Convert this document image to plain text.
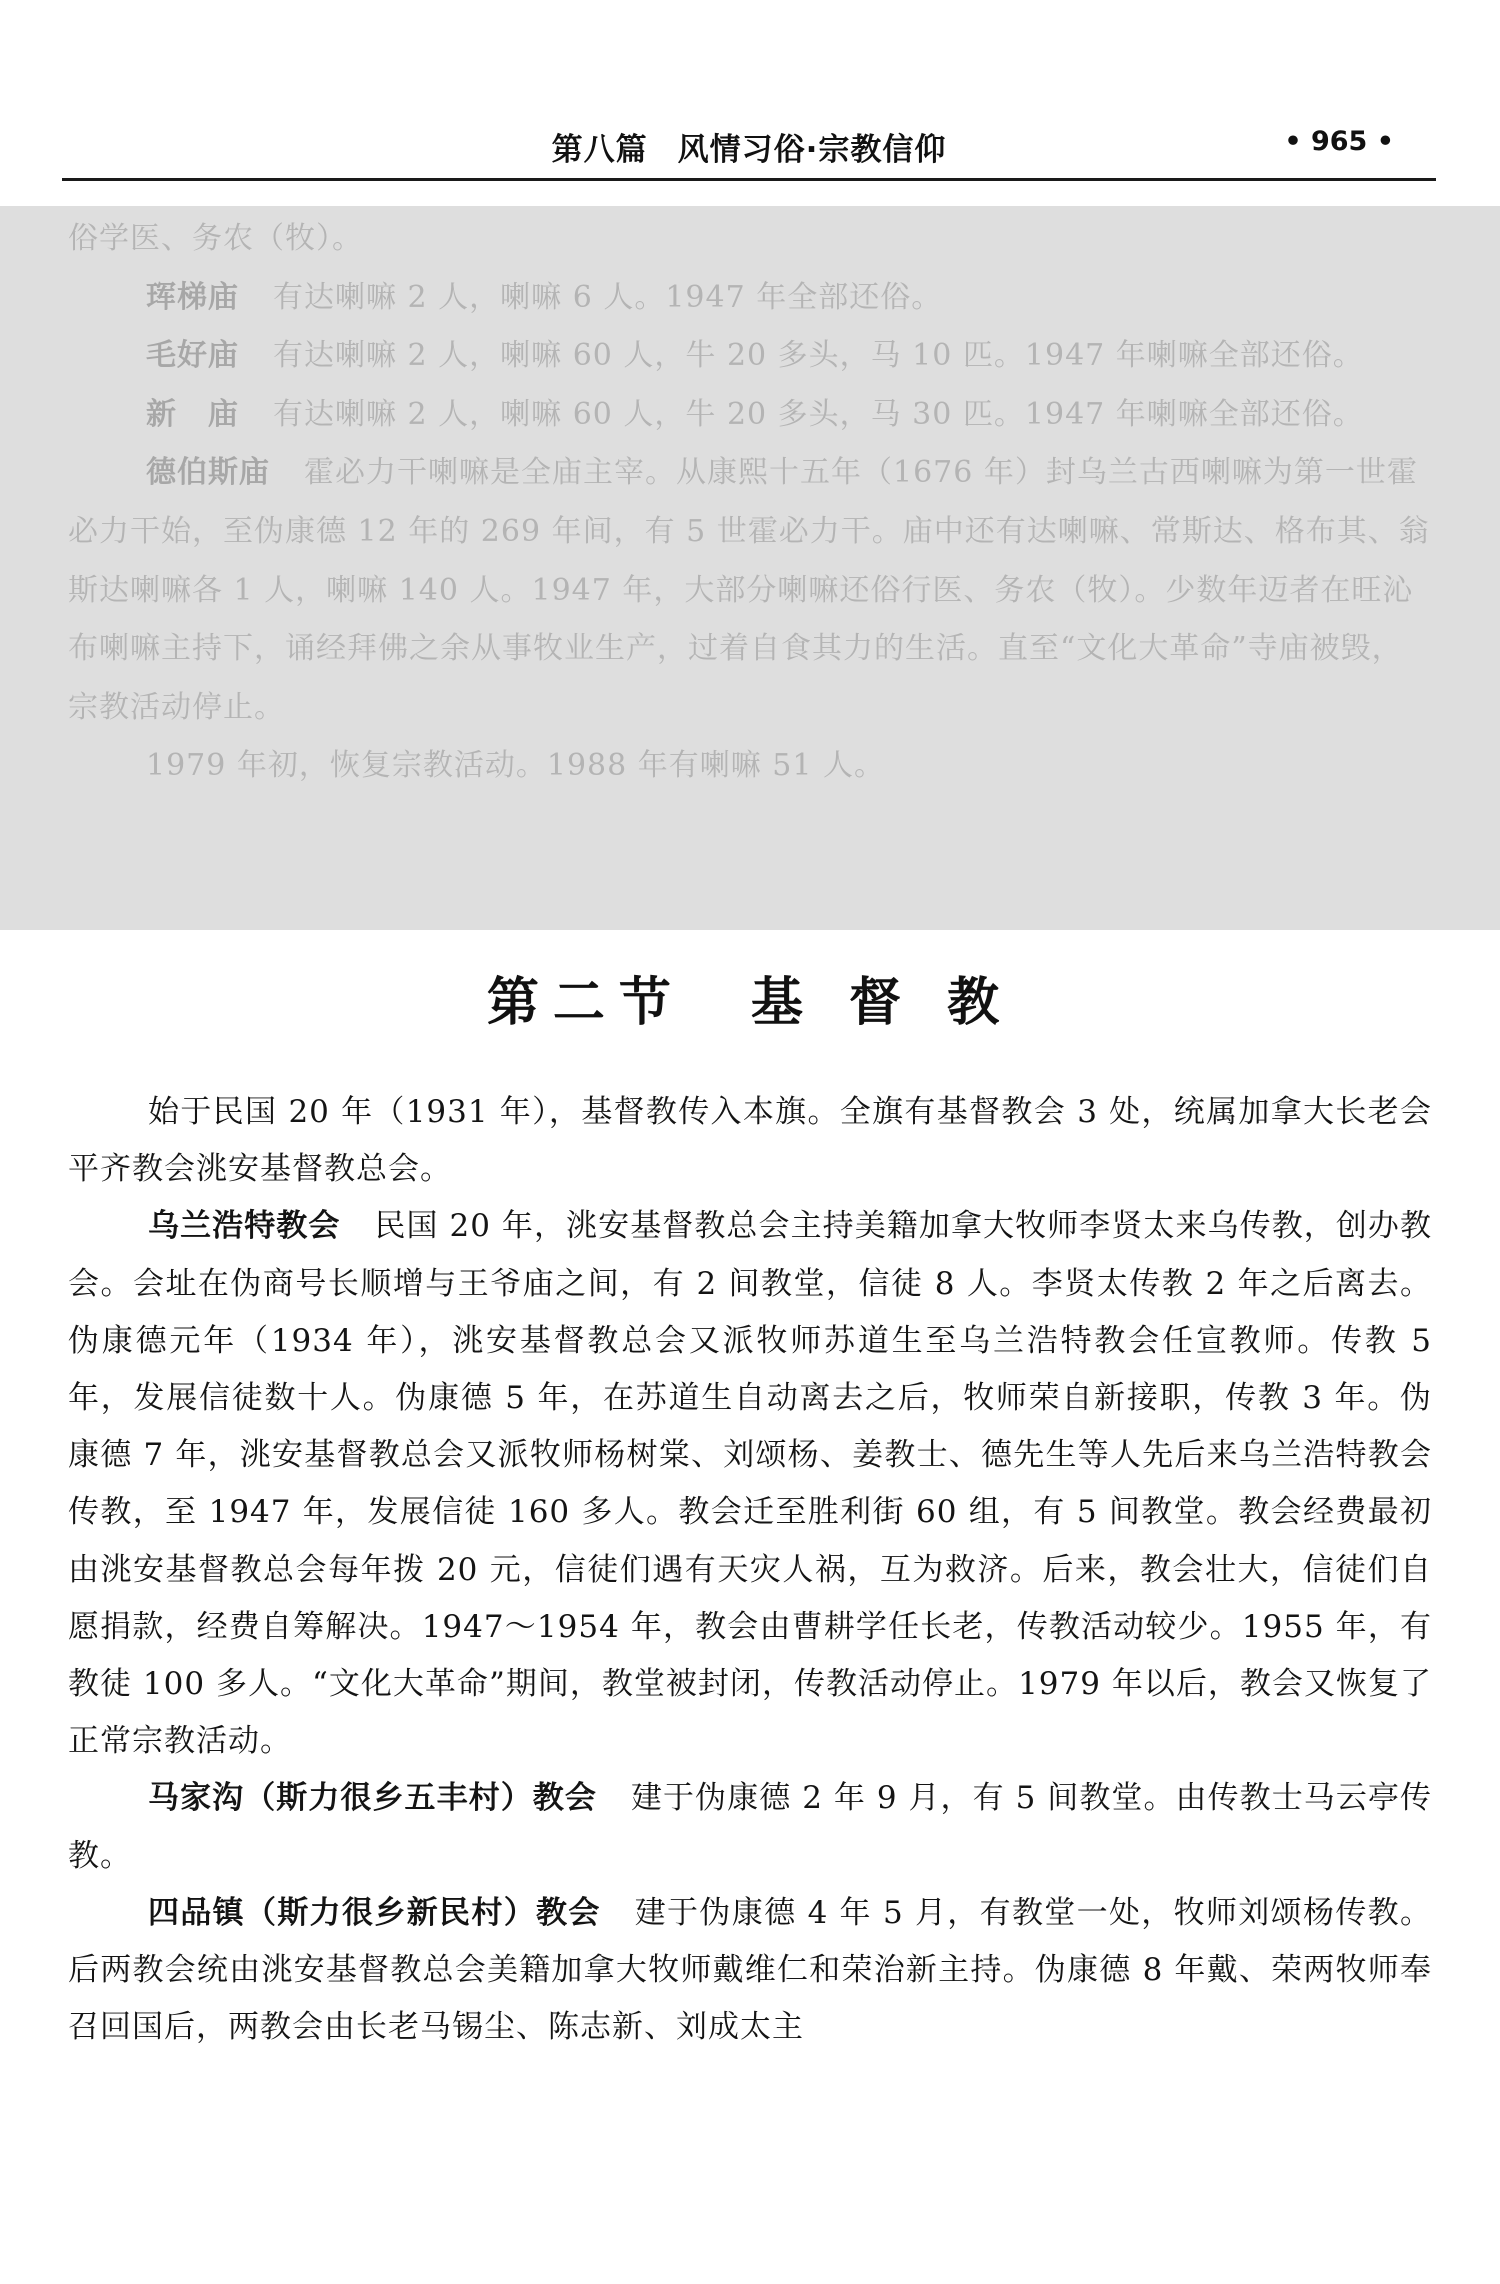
第八篇 风情习俗·宗教信仰	• 965 •

俗学医、务农（牧）。

珲梯庙 有达喇嘛 2 人，喇嘛 6 人。1947 年全部还俗。

毛好庙 有达喇嘛 2 人，喇嘛 60 人，牛 20 多头，马 10 匹。1947 年喇嘛全部还俗。

新　庙 有达喇嘛 2 人，喇嘛 60 人，牛 20 多头，马 30 匹。1947 年喇嘛全部还俗。

德伯斯庙 霍必力干喇嘛是全庙主宰。从康熙十五年（1676 年）封乌兰古西喇嘛为第一世霍必力干始，至伪康德 12 年的 269 年间，有 5 世霍必力干。庙中还有达喇嘛、常斯达、格布其、翁斯达喇嘛各 1 人，喇嘛 140 人。1947 年，大部分喇嘛还俗行医、务农（牧）。少数年迈者在旺沁布喇嘛主持下，诵经拜佛之余从事牧业生产，过着自食其力的生活。直至“文化大革命”寺庙被毁，宗教活动停止。

1979 年初，恢复宗教活动。1988 年有喇嘛 51 人。

第二节　基 督 教

始于民国 20 年（1931 年），基督教传入本旗。全旗有基督教会 3 处，统属加拿大长老会平齐教会洮安基督教总会。

乌兰浩特教会 民国 20 年，洮安基督教总会主持美籍加拿大牧师李贤太来乌传教，创办教会。会址在伪商号长顺增与王爷庙之间，有 2 间教堂，信徒 8 人。李贤太传教 2 年之后离去。伪康德元年（1934 年），洮安基督教总会又派牧师苏道生至乌兰浩特教会任宣教师。传教 5 年，发展信徒数十人。伪康德 5 年，在苏道生自动离去之后，牧师荣自新接职，传教 3 年。伪康德 7 年，洮安基督教总会又派牧师杨树棠、刘颂杨、姜教士、德先生等人先后来乌兰浩特教会传教，至 1947 年，发展信徒 160 多人。教会迁至胜利街 60 组，有 5 间教堂。教会经费最初由洮安基督教总会每年拨 20 元，信徒们遇有天灾人祸，互为救济。后来，教会壮大，信徒们自愿捐款，经费自筹解决。1947～1954 年，教会由曹耕学任长老，传教活动较少。1955 年，有教徒 100 多人。“文化大革命”期间，教堂被封闭，传教活动停止。1979 年以后，教会又恢复了正常宗教活动。

马家沟（斯力很乡五丰村）教会 建于伪康德 2 年 9 月，有 5 间教堂。由传教士马云亭传教。

四品镇（斯力很乡新民村）教会 建于伪康德 4 年 5 月，有教堂一处，牧师刘颂杨传教。后两教会统由洮安基督教总会美籍加拿大牧师戴维仁和荣治新主持。伪康德 8 年戴、荣两牧师奉召回国后，两教会由长老马锡尘、陈志新、刘成太主
